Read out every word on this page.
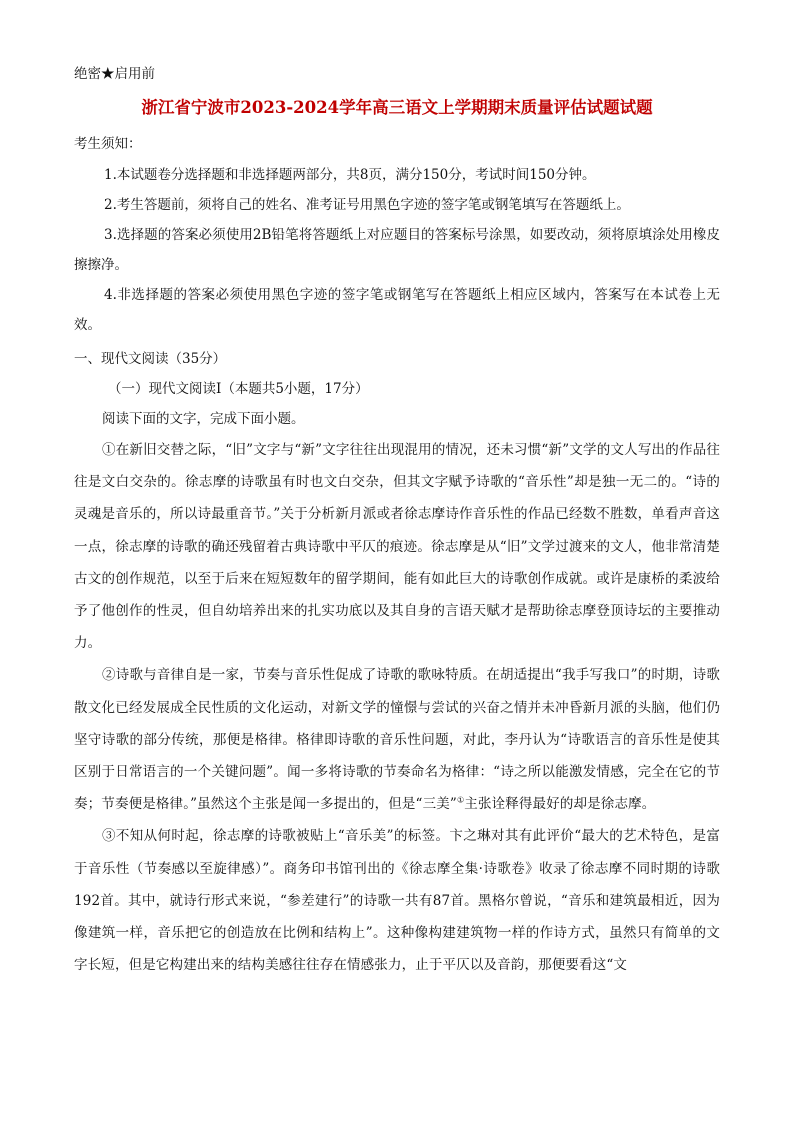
绝密★启用前

浙江省宁波市2023-2024学年高三语文上学期期末质量评估试题试题

考生须知：

1.本试题卷分选择题和非选择题两部分，共8页，满分150分，考试时间150分钟。

2.考生答题前，须将自己的姓名、准考证号用黑色字迹的签字笔或钢笔填写在答题纸上。

3.选择题的答案必须使用2B铅笔将答题纸上对应题目的答案标号涂黑，如要改动，须将原填涂处用橡皮擦擦净。

4.非选择题的答案必须使用黑色字迹的签字笔或钢笔写在答题纸上相应区域内，答案写在本试卷上无效。

一、现代文阅读（35分）

（一）现代文阅读Ⅰ（本题共5小题，17分）

阅读下面的文字，完成下面小题。

①在新旧交替之际，“旧”文字与“新”文字往往出现混用的情况，还未习惯“新”文学的文人写出的作品往往是文白交杂的。徐志摩的诗歌虽有时也文白交杂，但其文字赋予诗歌的“音乐性”却是独一无二的。“诗的灵魂是音乐的，所以诗最重音节。”关于分析新月派或者徐志摩诗作音乐性的作品已经数不胜数，单看声音这一点，徐志摩的诗歌的确还残留着古典诗歌中平仄的痕迹。徐志摩是从“旧”文学过渡来的文人，他非常清楚古文的创作规范，以至于后来在短短数年的留学期间，能有如此巨大的诗歌创作成就。或许是康桥的柔波给予了他创作的性灵，但自幼培养出来的扎实功底以及其自身的言语天赋才是帮助徐志摩登顶诗坛的主要推动力。

②诗歌与音律自是一家，节奏与音乐性促成了诗歌的歌咏特质。在胡适提出“我手写我口”的时期，诗歌散文化已经发展成全民性质的文化运动，对新文学的憧憬与尝试的兴奋之情并未冲昏新月派的头脑，他们仍坚守诗歌的部分传统，那便是格律。格律即诗歌的音乐性问题，对此，李丹认为“诗歌语言的音乐性是使其区别于日常语言的一个关键问题”。闻一多将诗歌的节奏命名为格律：“诗之所以能激发情感，完全在它的节奏；节奏便是格律。”虽然这个主张是闻一多提出的，但是“三美”①主张诠释得最好的却是徐志摩。

③不知从何时起，徐志摩的诗歌被贴上“音乐美”的标签。卞之琳对其有此评价“最大的艺术特色，是富于音乐性（节奏感以至旋律感）”。商务印书馆刊出的《徐志摩全集·诗歌卷》收录了徐志摩不同时期的诗歌192首。其中，就诗行形式来说，“参差建行”的诗歌一共有87首。黑格尔曾说，“音乐和建筑最相近，因为像建筑一样，音乐把它的创造放在比例和结构上”。这种像构建建筑物一样的作诗方式，虽然只有简单的文字长短，但是它构建出来的结构美感往往存在情感张力，止于平仄以及音韵，那便要看这“文
